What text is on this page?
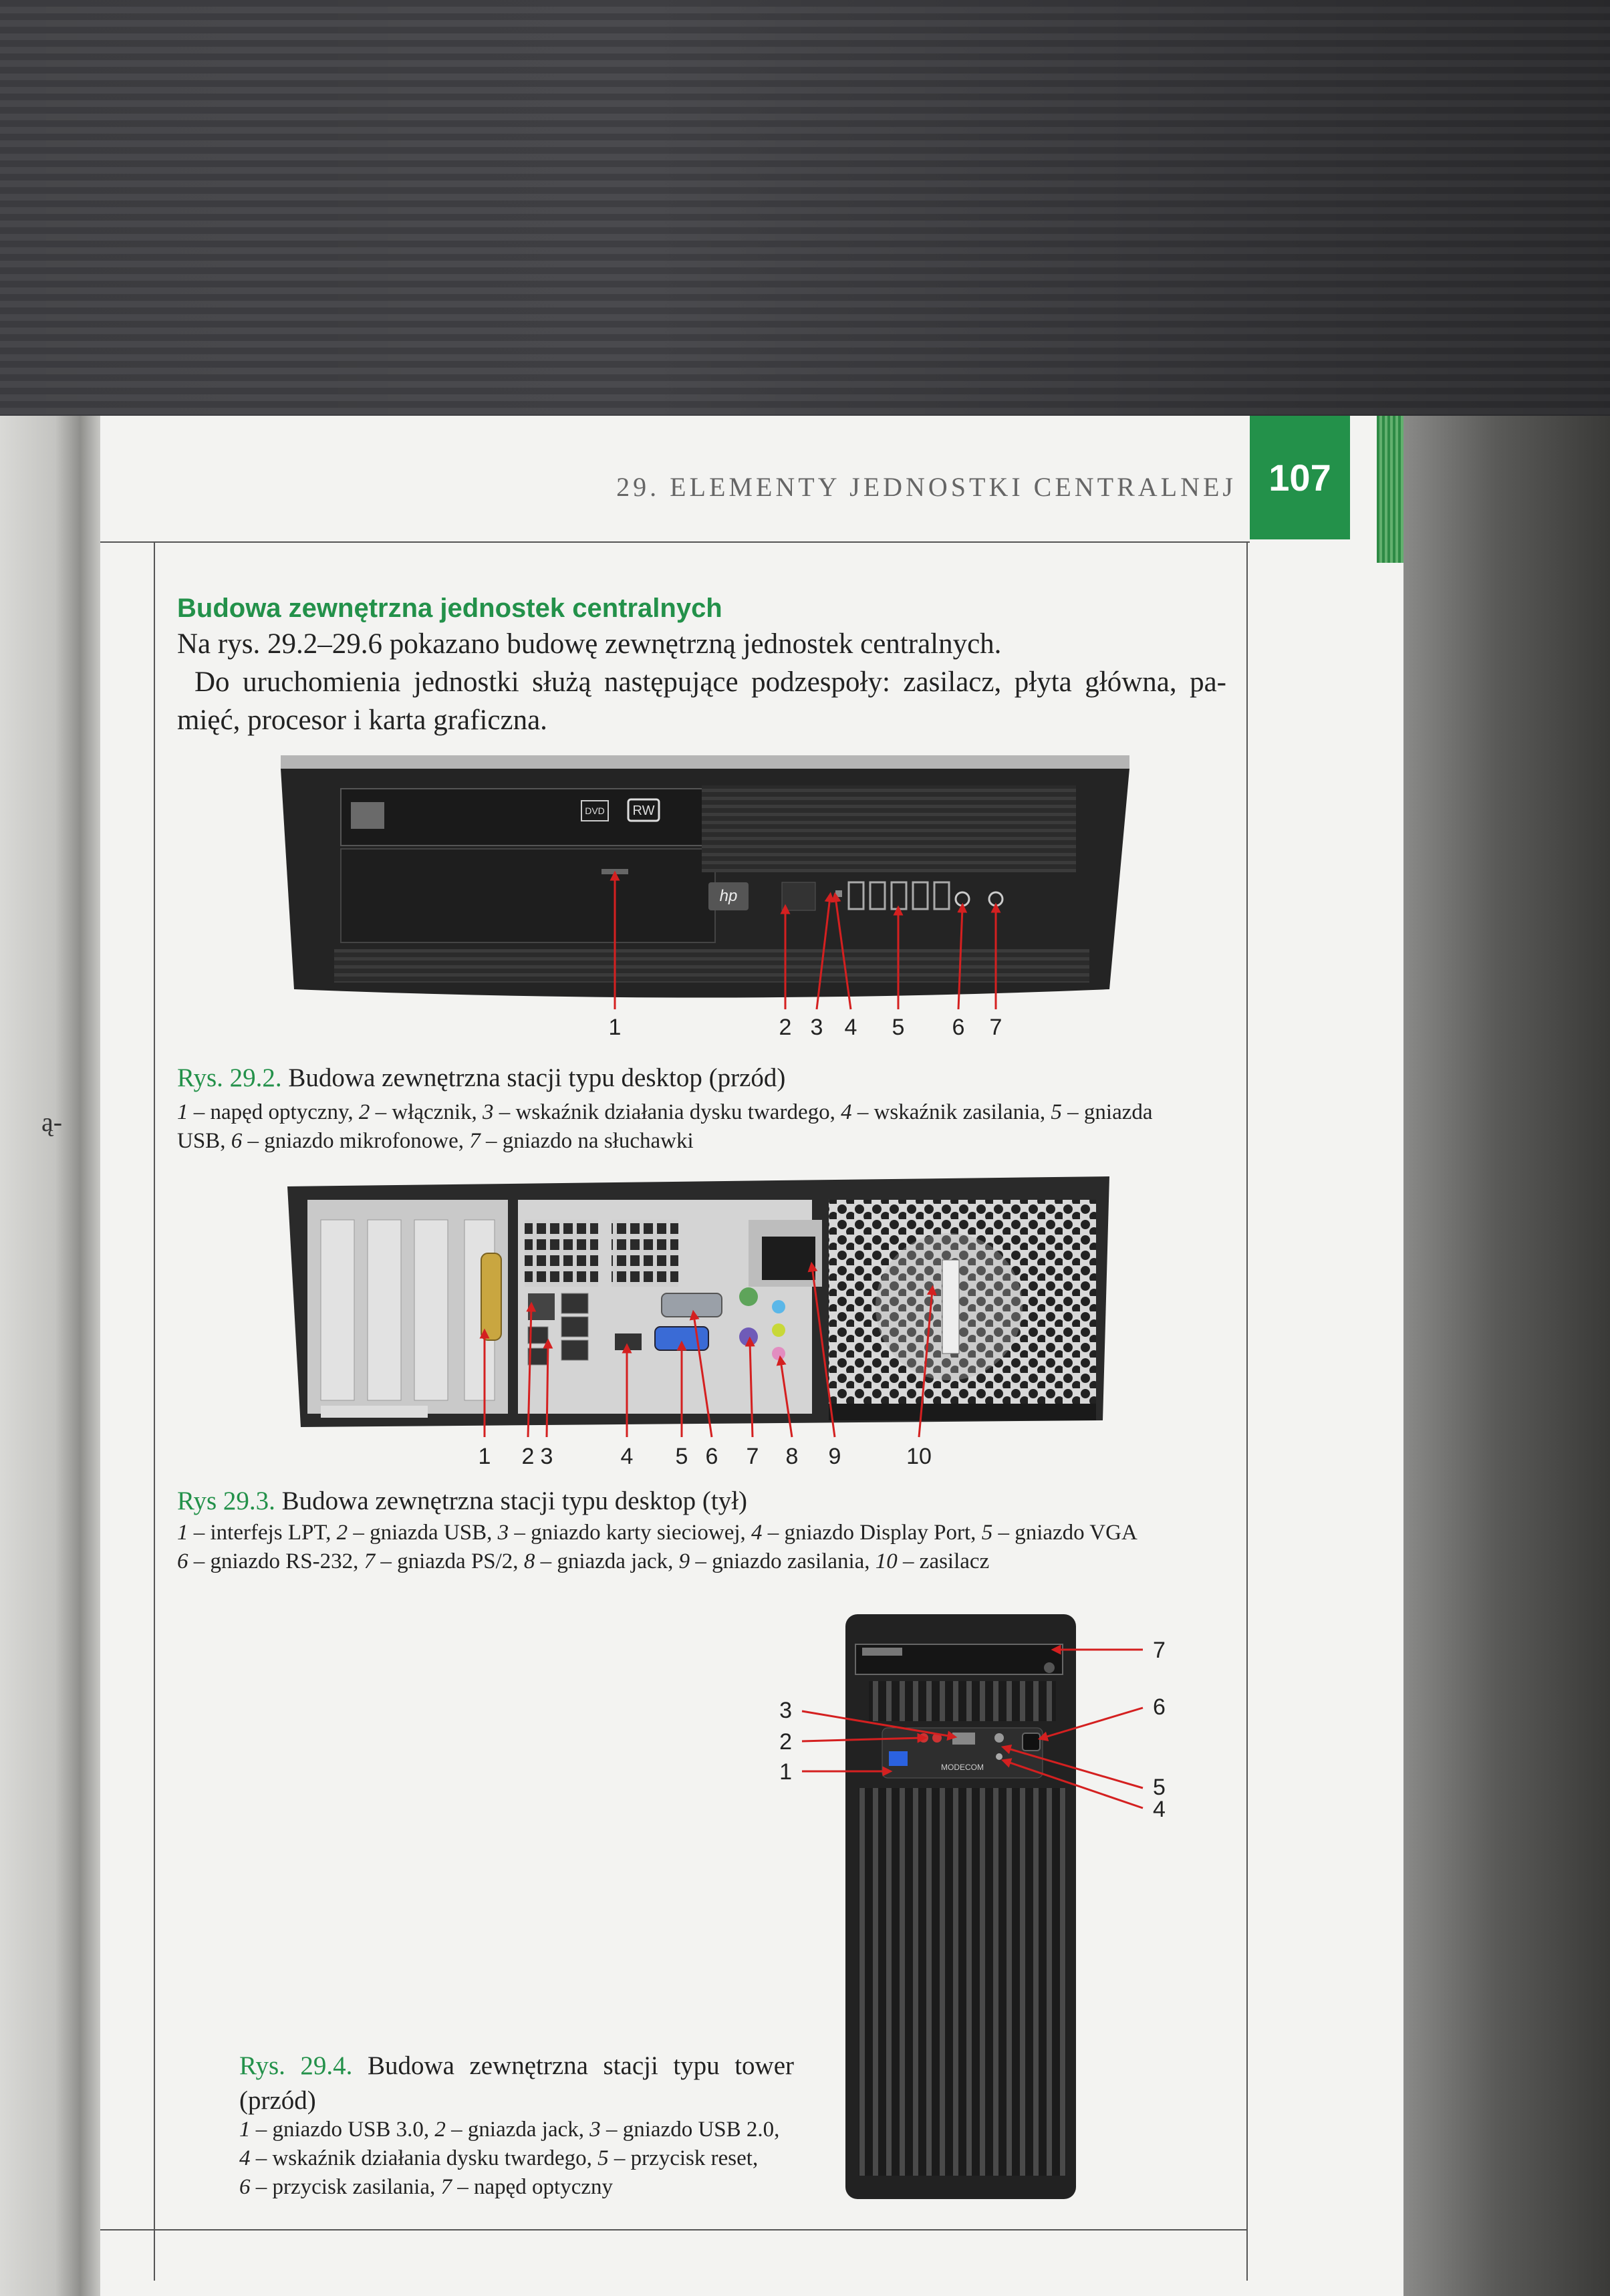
ą-
29. ELEMENTY JEDNOSTKI CENTRALNEJ 107
Budowa zewnętrzna jednostek centralnych
Na rys. 29.2–29.6 pokazano budowę zewnętrzną jednostek centralnych.
Do uruchomienia jednostki służą następujące podzespoły: zasilacz, płyta główna, pa-
mięć, procesor i karta graficzna.
DVD RW
hp
1	2 3 4 5 6 7
Rys. 29.2. Budowa zewnętrzna stacji typu desktop (przód)
1 – napęd optyczny, 2 – włącznik, 3 – wskaźnik działania dysku twardego, 4 – wskaźnik zasilania, 5 – gniazda
USB, 6 – gniazdo mikrofonowe, 7 – gniazdo na słuchawki
1 2 3	4 5 6 7 8 9	10
Rys 29.3. Budowa zewnętrzna stacji typu desktop (tył)
1 – interfejs LPT, 2 – gniazda USB, 3 – gniazdo karty sieciowej, 4 – gniazdo Display Port, 5 – gniazdo VGA
6 – gniazdo RS-232, 7 – gniazda PS/2, 8 – gniazda jack, 9 – gniazdo zasilania, 10 – zasilacz
MODECOM
1
2
3
4
5
6
7
Rys. 29.4. Budowa zewnętrzna stacji typu tower
(przód)
1 – gniazdo USB 3.0, 2 – gniazda jack, 3 – gniazdo USB 2.0,
4 – wskaźnik działania dysku twardego, 5 – przycisk reset,
6 – przycisk zasilania, 7 – napęd optyczny
